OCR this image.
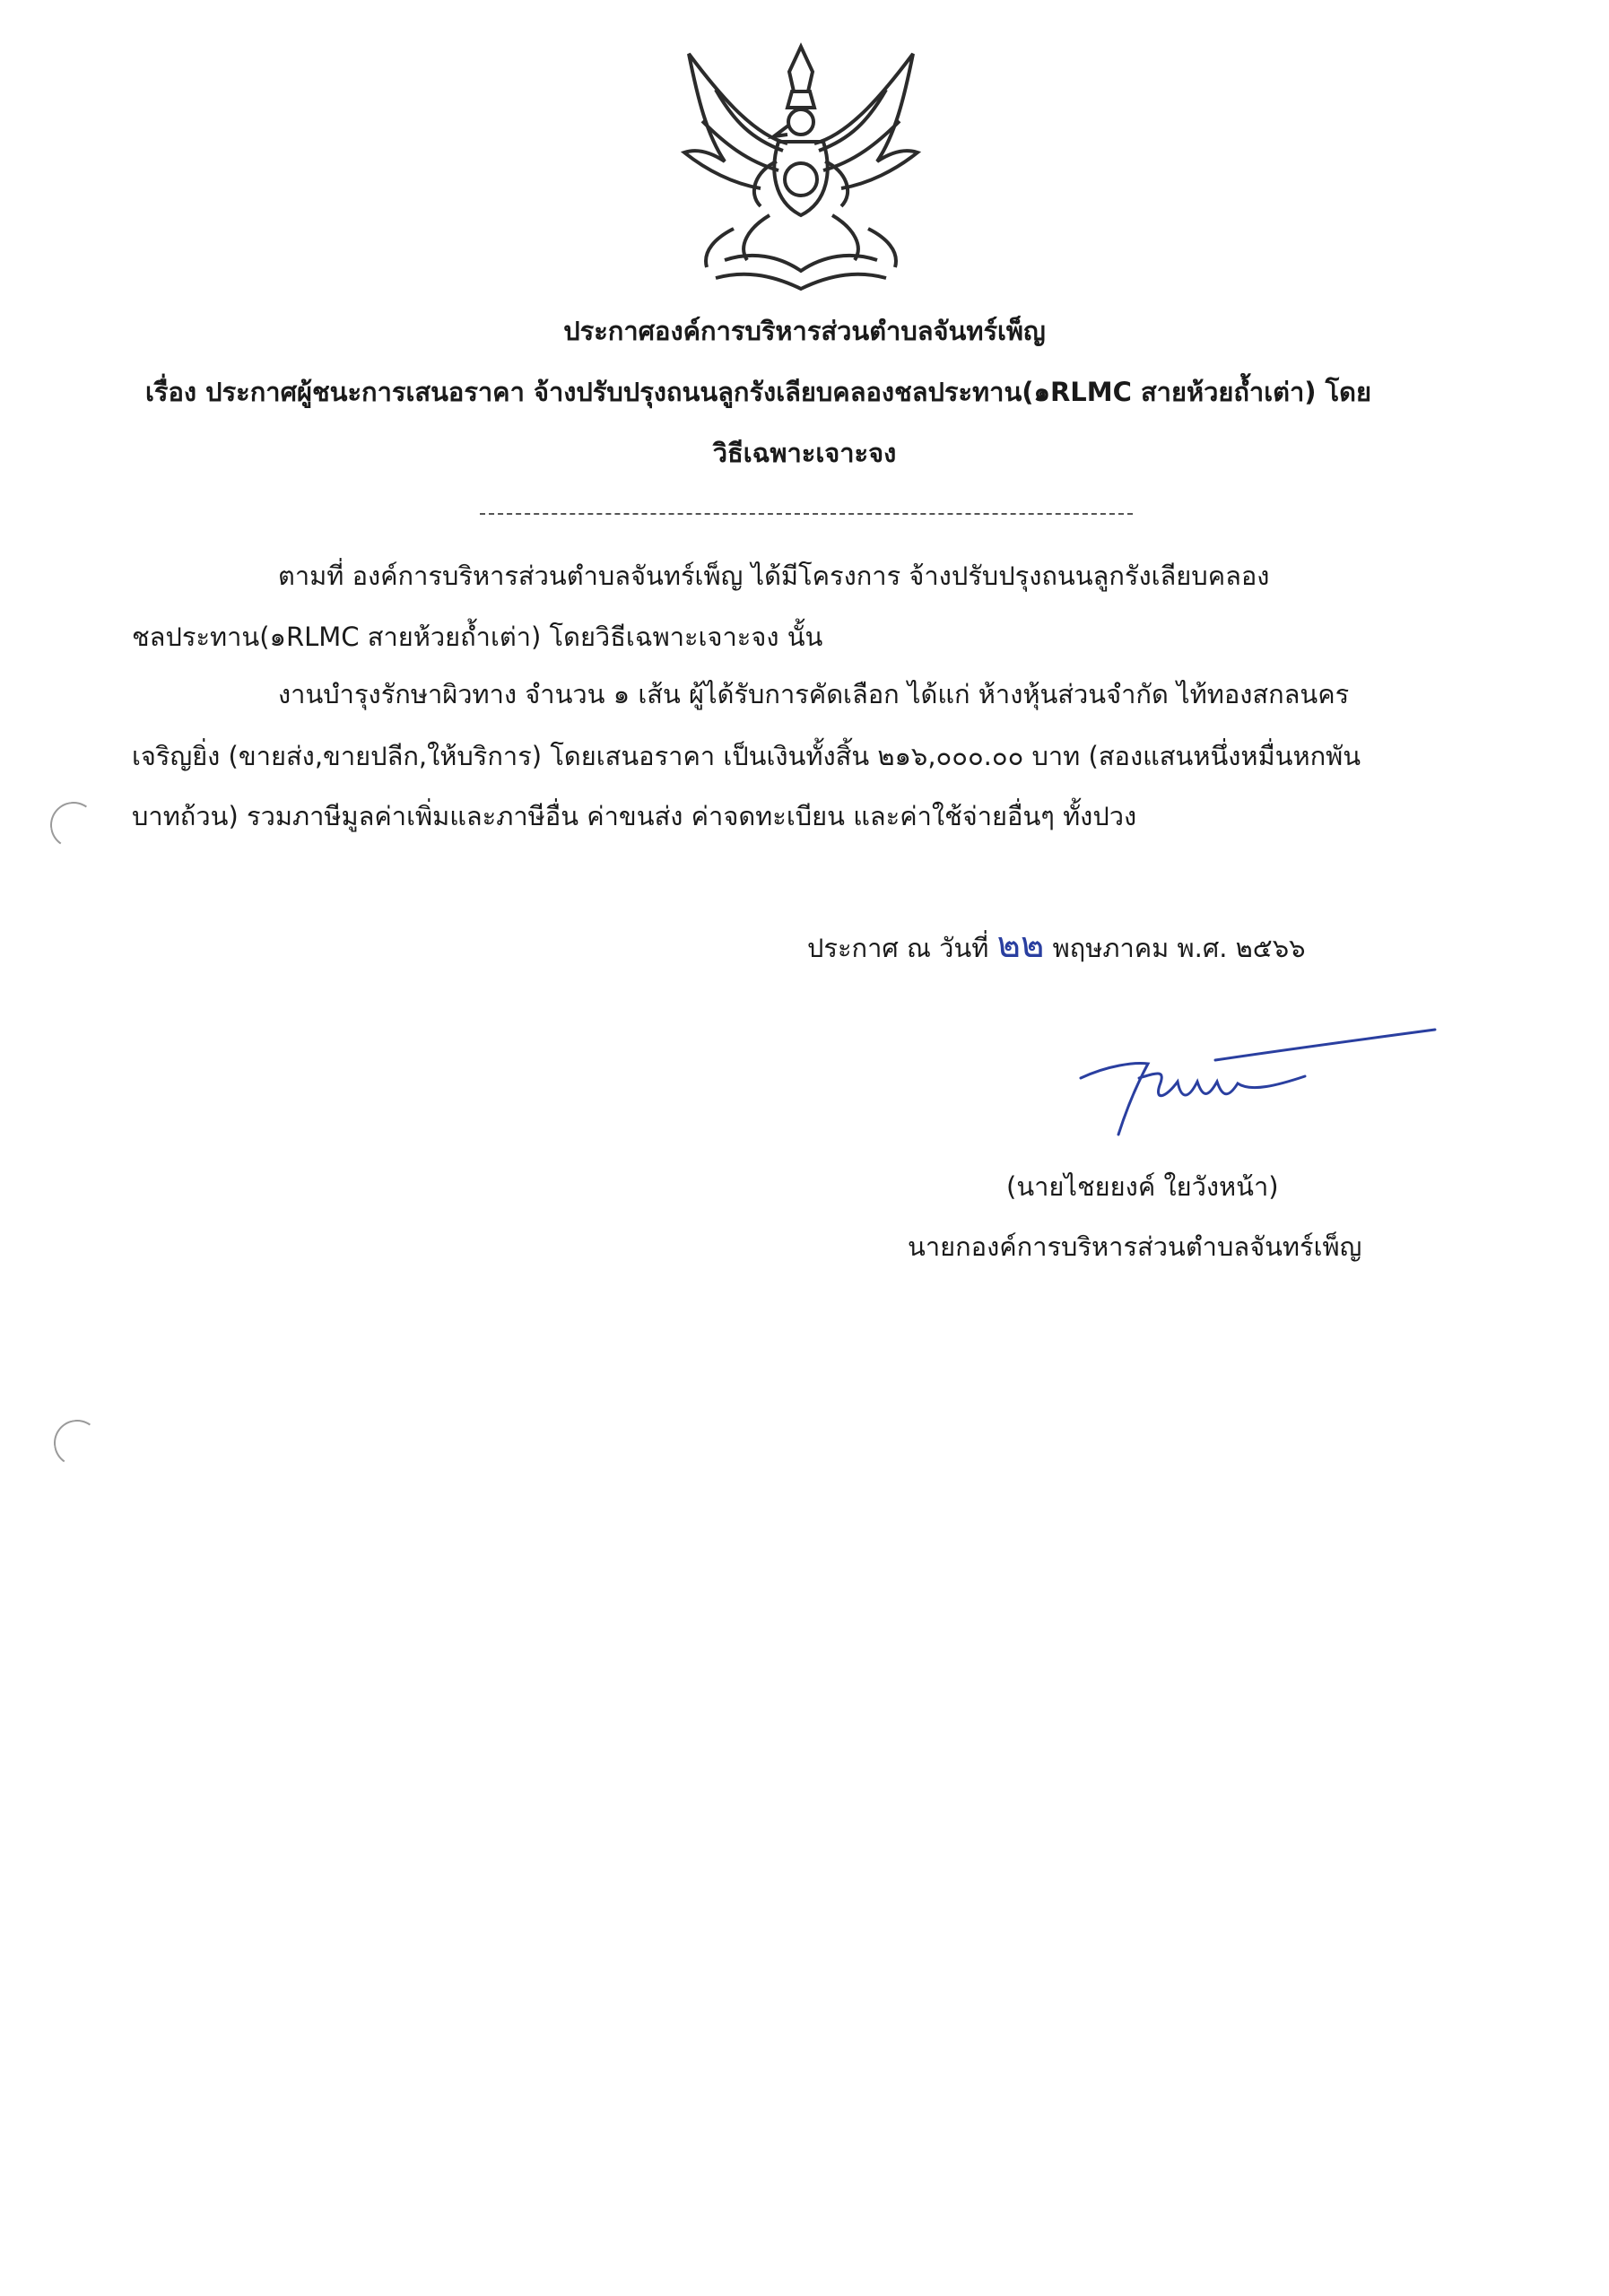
ประกาศองค์การบริหารส่วนตำบลจันทร์เพ็ญ
เรื่อง ประกาศผู้ชนะการเสนอราคา จ้างปรับปรุงถนนลูกรังเลียบคลองชลประทาน(๑RLMC สายห้วยถ้ำเต่า) โดย
วิธีเฉพาะเจาะจง
ตามที่ องค์การบริหารส่วนตำบลจันทร์เพ็ญ ได้มีโครงการ จ้างปรับปรุงถนนลูกรังเลียบคลอง
ชลประทาน(๑RLMC สายห้วยถ้ำเต่า) โดยวิธีเฉพาะเจาะจง นั้น
งานบำรุงรักษาผิวทาง จำนวน ๑ เส้น ผู้ได้รับการคัดเลือก ได้แก่ ห้างหุ้นส่วนจำกัด ไท้ทองสกลนคร
เจริญยิ่ง (ขายส่ง,ขายปลีก,ให้บริการ) โดยเสนอราคา เป็นเงินทั้งสิ้น ๒๑๖,๐๐๐.๐๐ บาท (สองแสนหนึ่งหมื่นหกพัน
บาทถ้วน) รวมภาษีมูลค่าเพิ่มและภาษีอื่น ค่าขนส่ง ค่าจดทะเบียน และค่าใช้จ่ายอื่นๆ ทั้งปวง
ประกาศ ณ วันที่ ๒๒ พฤษภาคม พ.ศ. ๒๕๖๖
(นายไชยยงค์ ใยวังหน้า)
นายกองค์การบริหารส่วนตำบลจันทร์เพ็ญ
